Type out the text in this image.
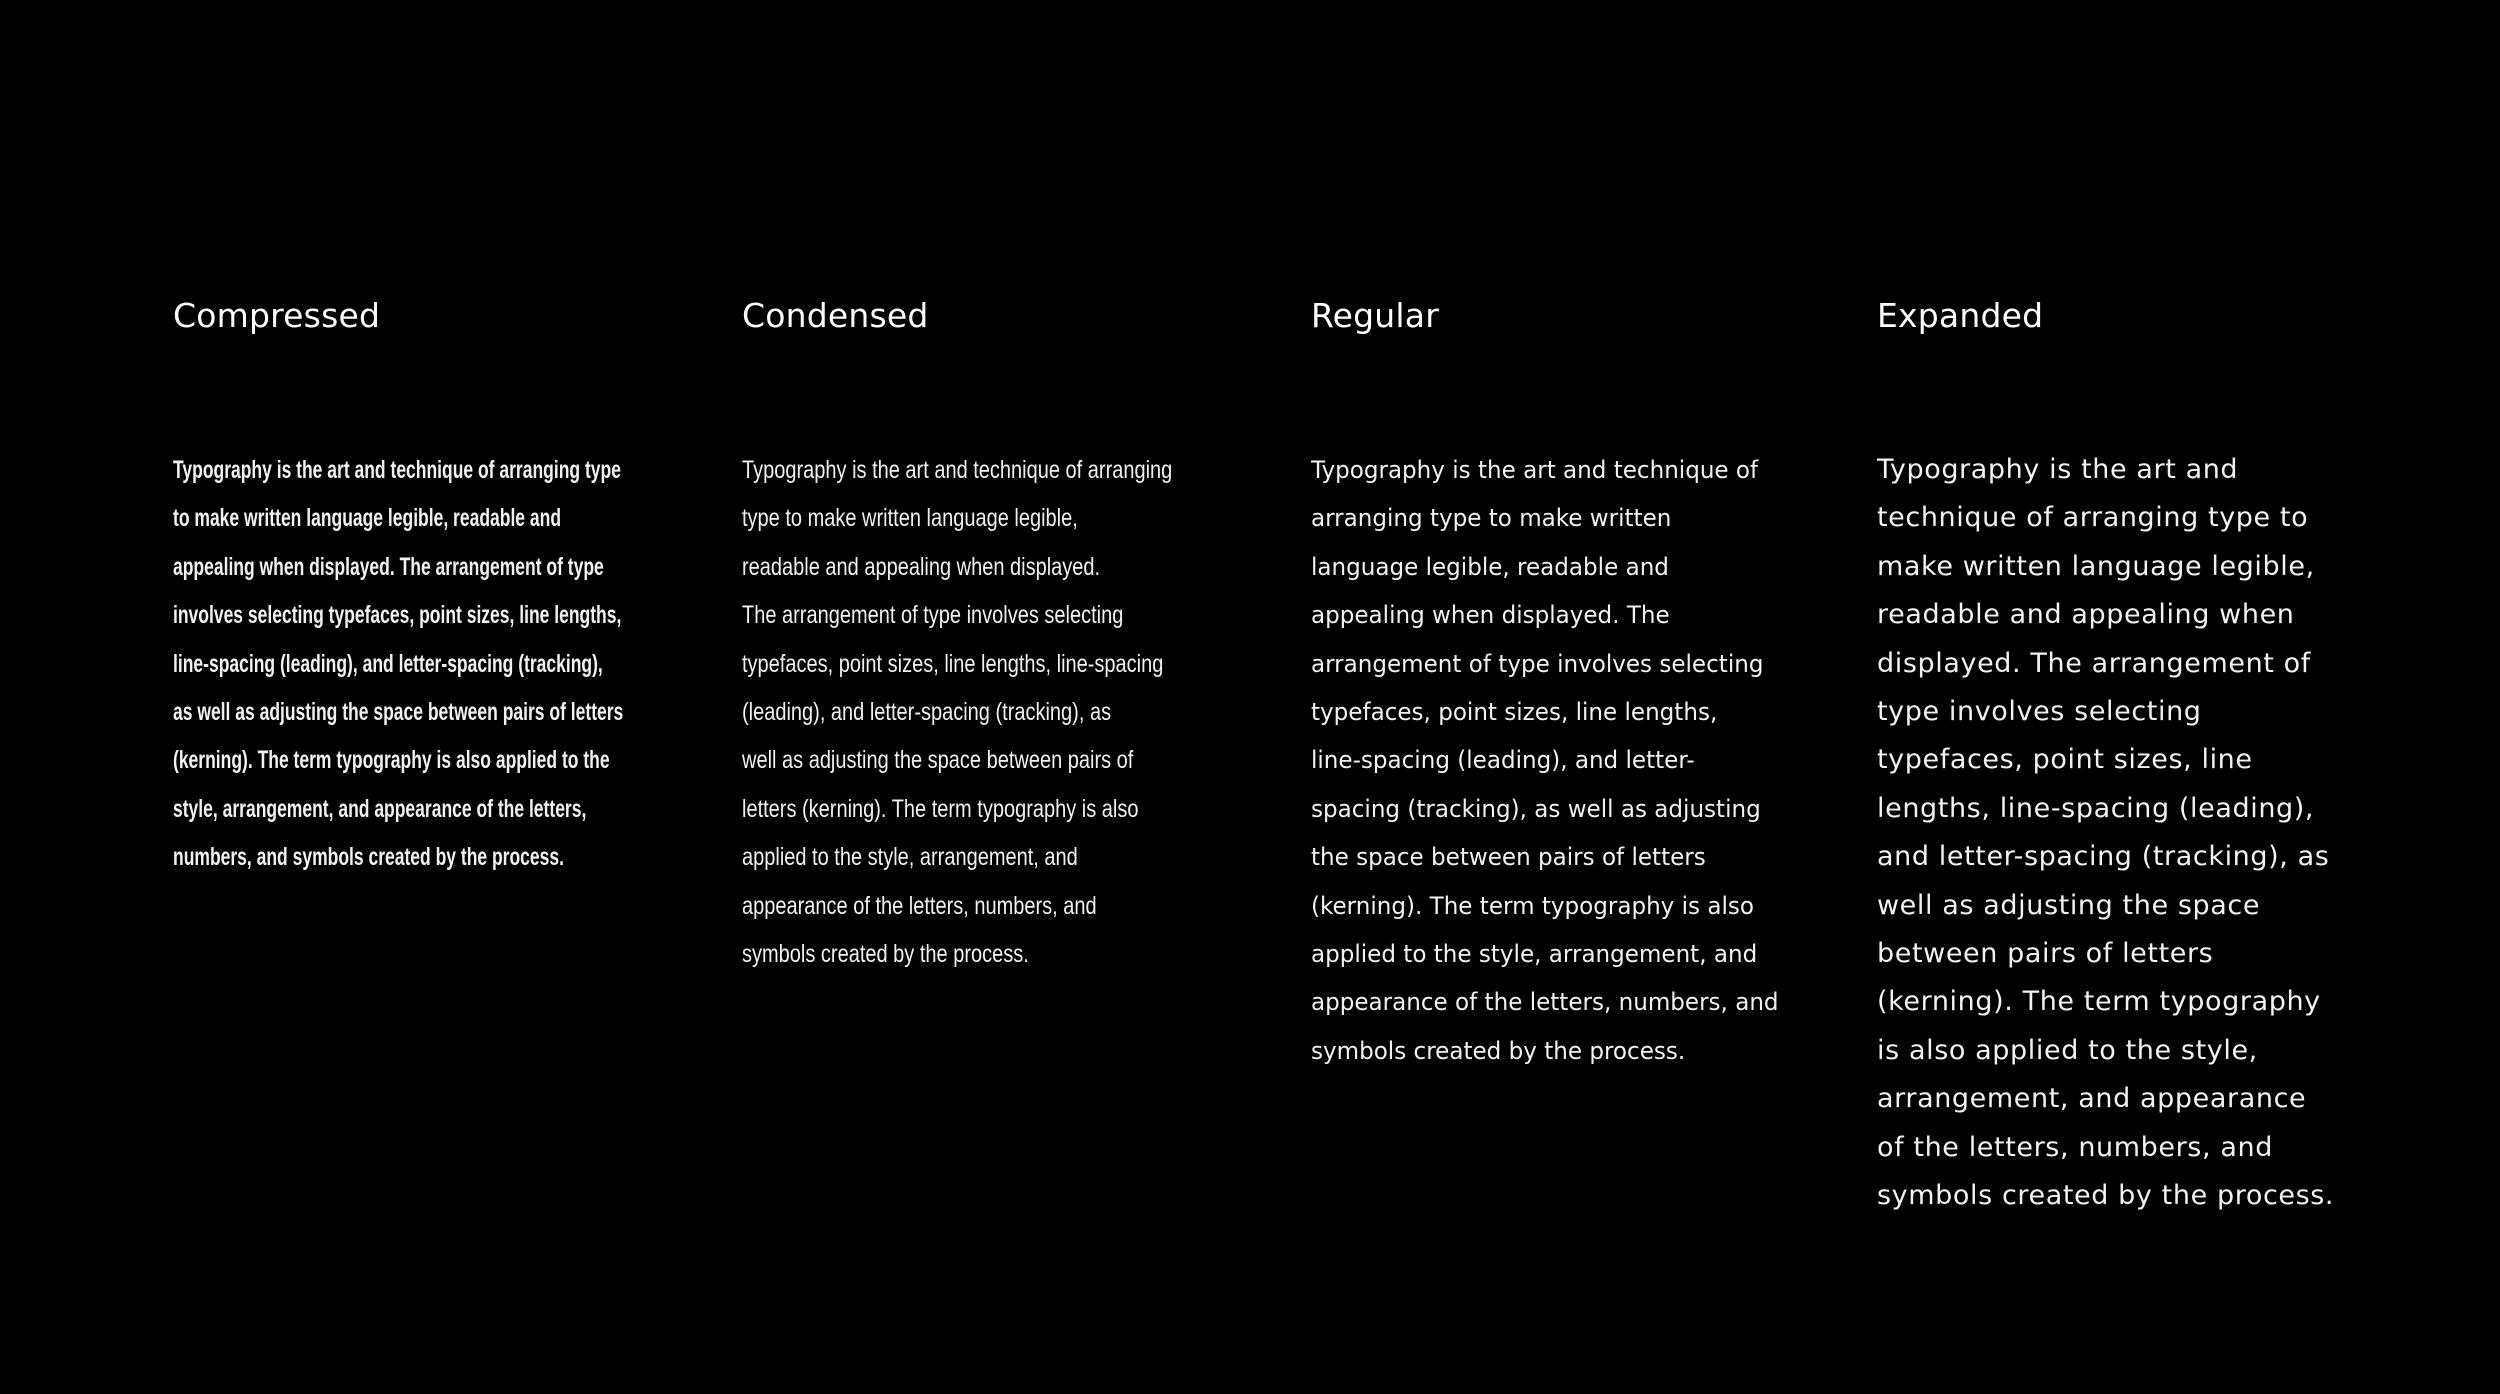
Compressed

Typography is the art and technique of arranging type
to make written language legible, readable and
appealing when displayed. The arrangement of type
involves selecting typefaces, point sizes, line lengths,
line-spacing (leading), and letter-spacing (tracking),
as well as adjusting the space between pairs of letters
(kerning). The term typography is also applied to the
style, arrangement, and appearance of the letters,
numbers, and symbols created by the process.

Condensed

Typography is the art and technique of arranging
type to make written language legible,
readable and appealing when displayed.
The arrangement of type involves selecting
typefaces, point sizes, line lengths, line-spacing
(leading), and letter-spacing (tracking), as
well as adjusting the space between pairs of
letters (kerning). The term typography is also
applied to the style, arrangement, and
appearance of the letters, numbers, and
symbols created by the process.

Regular

Typography is the art and technique of
arranging type to make written
language legible, readable and
appealing when displayed. The
arrangement of type involves selecting
typefaces, point sizes, line lengths,
line-spacing (leading), and letter-
spacing (tracking), as well as adjusting
the space between pairs of letters
(kerning). The term typography is also
applied to the style, arrangement, and
appearance of the letters, numbers, and
symbols created by the process.

Expanded

Typography is the art and
technique of arranging type to
make written language legible,
readable and appealing when
displayed. The arrangement of
type involves selecting
typefaces, point sizes, line
lengths, line-spacing (leading),
and letter-spacing (tracking), as
well as adjusting the space
between pairs of letters
(kerning). The term typography
is also applied to the style,
arrangement, and appearance
of the letters, numbers, and
symbols created by the process.
